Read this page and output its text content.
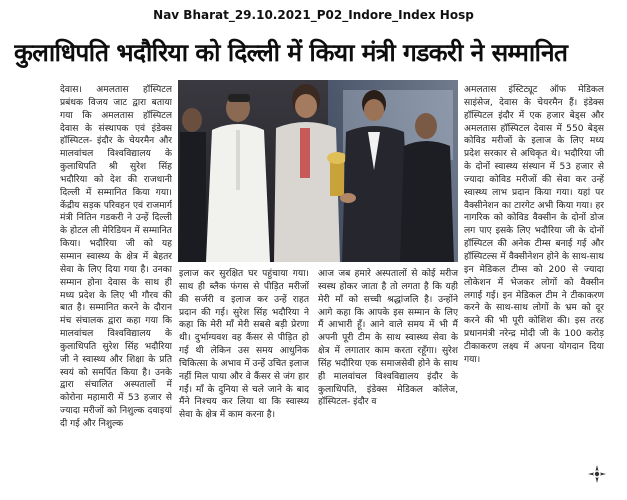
Nav Bharat_29.10.2021_P02_Indore_Index Hosp
कुलाधिपति भदौरिया को दिल्ली में किया मंत्री गडकरी ने सम्मानित

देवास। अमलतास हॉस्पिटल प्रबंधक विजय जाट द्वारा बताया गया कि अमलतास हॉस्पिटल देवास के संस्थापक एवं इंडेक्स हॉस्पिटल- इंदौर के चेयरमैन और मालवांचल विश्वविद्यालय के कुलाधिपति श्री सुरेश सिंह भदौरिया को देश की राजधानी दिल्ली में सम्मानित किया गया। केंद्रीय सड़क परिवहन एवं राजमार्ग मंत्री नितिन गडकरी ने उन्हें दिल्ली के होटल ली मेरिडियन में सम्मानित किया। भदौरिया जी को यह सम्मान स्वास्थ्य के क्षेत्र में बेहतर सेवा के लिए दिया गया है। उनका सम्मान होना देवास के साथ ही मध्य प्रदेश के लिए भी गौरव की बात है। सम्मानित करने के दौरान मंच संचालक द्वारा कहा गया कि मालवांचल विश्वविद्यालय के कुलाधिपति सुरेश सिंह भदौरिया जी ने स्वास्थ्य और शिक्षा के प्रति स्वयं को समर्पित किया है। उनके द्वारा संचालित अस्पतालों में कोरोना महामारी में 53 हजार से ज्यादा मरीजों को निशुल्क दवाइयां दी गई और निशुल्क

इलाज कर सुरक्षित घर पहुंचाया गया। साथ ही ब्लैक फंगस से पीड़ित मरीजों की सर्जरी व इलाज कर उन्हें राहत प्रदान की गई। सुरेश सिंह भदौरिया ने कहा कि मेरी माँ मेरी सबसे बड़ी प्रेरणा थी। दुर्भाग्यवश वह कैंसर से पीड़ित हो गई थी लेकिन उस समय आधुनिक चिकित्सा के अभाव में उन्हें उचित इलाज नहीं मिल पाया और वे कैंसर से जंग हार गईं। माँ के दुनिया से चले जाने के बाद मैंने निश्चय कर लिया था कि स्वास्थ्य सेवा के क्षेत्र में काम करना है।

आज जब हमारे अस्पतालों से कोई मरीज स्वस्थ होकर जाता है तो लगता है कि यही मेरी माँ को सच्ची श्रद्धांजलि है। उन्होंने आगे कहा कि आपके इस सम्मान के लिए मैं आभारी हूँ। आने वाले समय में भी मैं अपनी पूरी टीम के साथ स्वास्थ्य सेवा के क्षेत्र में लगातार काम करता रहूँगा। सुरेश सिंह भदौरिया एक समाजसेवी होने के साथ ही मालवांचल विश्वविद्यालय इंदौर के कुलाधिपति, इंडेक्स मेडिकल कॉलेज, हॉस्पिटल- इंदौर व

अमलतास इंस्टिट्यूट ऑफ मेडिकल साइंसेज, देवास के चेयरमैन हैं। इंडेक्स हॉस्पिटल इंदौर में एक हजार बेड्स और अमलतास हॉस्पिटल देवास में 550 बेड्स कोविड मरीजों के इलाज के लिए मध्य प्रदेश सरकार से अधिकृत थे। भदौरिया जी के दोनों स्वास्थ्य संस्थान में 53 हजार से ज्यादा कोविड मरीजों की सेवा कर उन्हें स्वास्थ्य लाभ प्रदान किया गया। यहां पर वैक्सीनेशन का टारगेट अभी किया गया। हर नागरिक को कोविड वैक्सीन के दोनों डोज लग पाए इसके लिए भदौरिया जी के दोनों हॉस्पिटल की अनेक टीम्स बनाई गई और हॉस्पिटल्स में वैक्सीनेशन होने के साथ-साथ इन मेडिकल टीम्स को 200 से ज्यादा लोकेशन में भेजकर लोगों को वैक्सीन लगाई गई। इन मेडिकल टीम ने टीकाकरण करने के साथ-साथ लोगों के भ्रम को दूर करने की भी पूरी कोशिश की। इस तरह प्रधानमंत्री नरेन्द्र मोदी जी के 100 करोड़ टीकाकरण लक्ष्य में अपना योगदान दिया गया।
